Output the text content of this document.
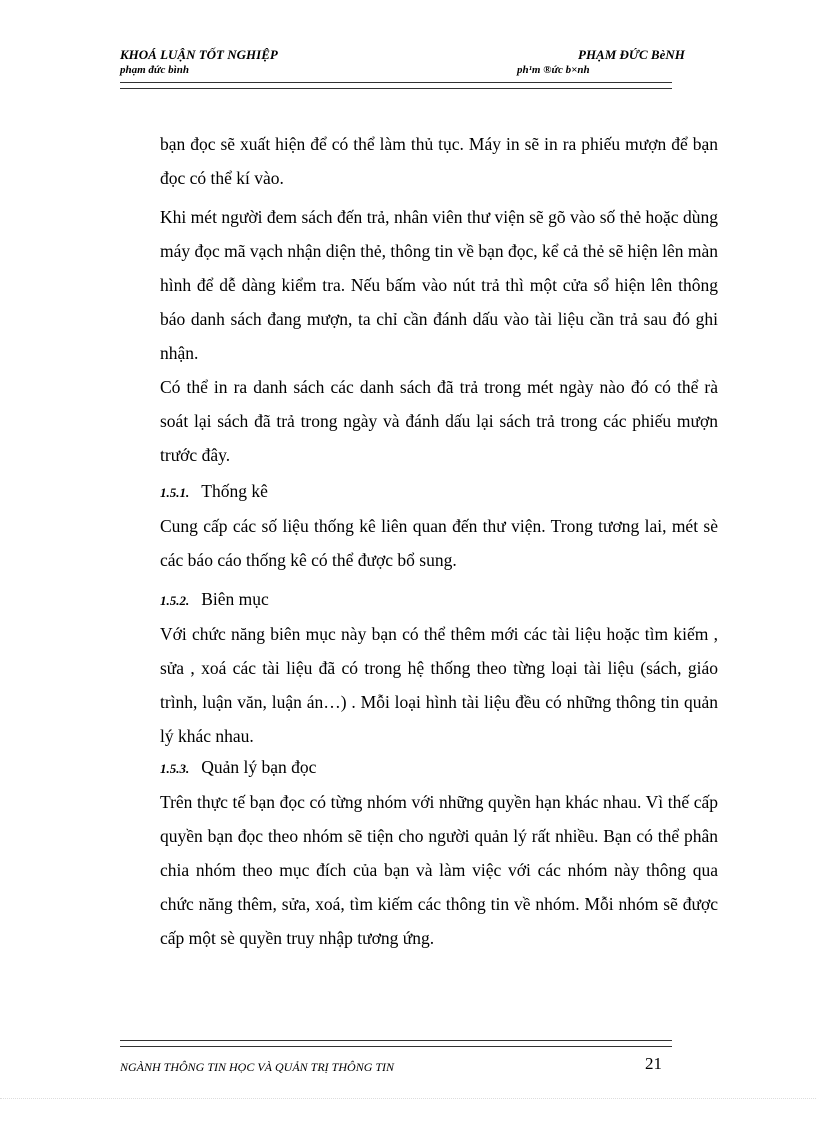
KHOÁ LUẬN TỐT NGHIỆP	PHẠM ĐỨC BèNH
phạm đức bình	ph¹m ®ức b×nh

bạn đọc sẽ xuất hiện để có thể làm thủ tục. Máy in sẽ in ra phiếu mượn để bạn đọc có thể kí vào.

Khi mét người đem sách đến trả, nhân viên thư viện sẽ gõ vào số thẻ hoặc dùng máy đọc mã vạch nhận diện thẻ, thông tin về bạn đọc, kể cả thẻ sẽ hiện lên màn hình để dễ dàng kiểm tra. Nếu bấm vào nút trả thì một cửa sổ hiện lên thông báo danh sách đang mượn, ta chỉ cần đánh dấu vào tài liệu cần trả sau đó ghi nhận.

Có thể in ra danh sách các danh sách đã trả trong mét ngày nào đó có thể rà soát lại sách đã trả trong ngày và đánh dấu lại sách trả trong các phiếu mượn trước đây.

1.5.1. Thống kê

Cung cấp các số liệu thống kê liên quan đến thư viện. Trong tương lai, mét sè các báo cáo thống kê có thể được bổ sung.

1.5.2. Biên mục

Với chức năng biên mục này bạn có thể thêm mới các tài liệu hoặc tìm kiếm , sửa , xoá các tài liệu đã có trong hệ thống theo từng loại tài liệu (sách, giáo trình, luận văn, luận án…) . Mỗi loại hình tài liệu đều có những thông tin quản lý khác nhau.

1.5.3. Quản lý bạn đọc

Trên thực tế bạn đọc có từng nhóm với những quyền hạn khác nhau. Vì thế cấp quyền bạn đọc theo nhóm sẽ tiện cho người quản lý rất nhiều. Bạn có thể phân chia nhóm theo mục đích của bạn và làm việc với các nhóm này thông qua chức năng thêm, sửa, xoá, tìm kiếm các thông tin về nhóm. Mỗi nhóm sẽ được cấp một sè quyền truy nhập tương ứng.

NGÀNH THÔNG TIN HỌC VÀ QUẢN TRỊ THÔNG TIN	21
